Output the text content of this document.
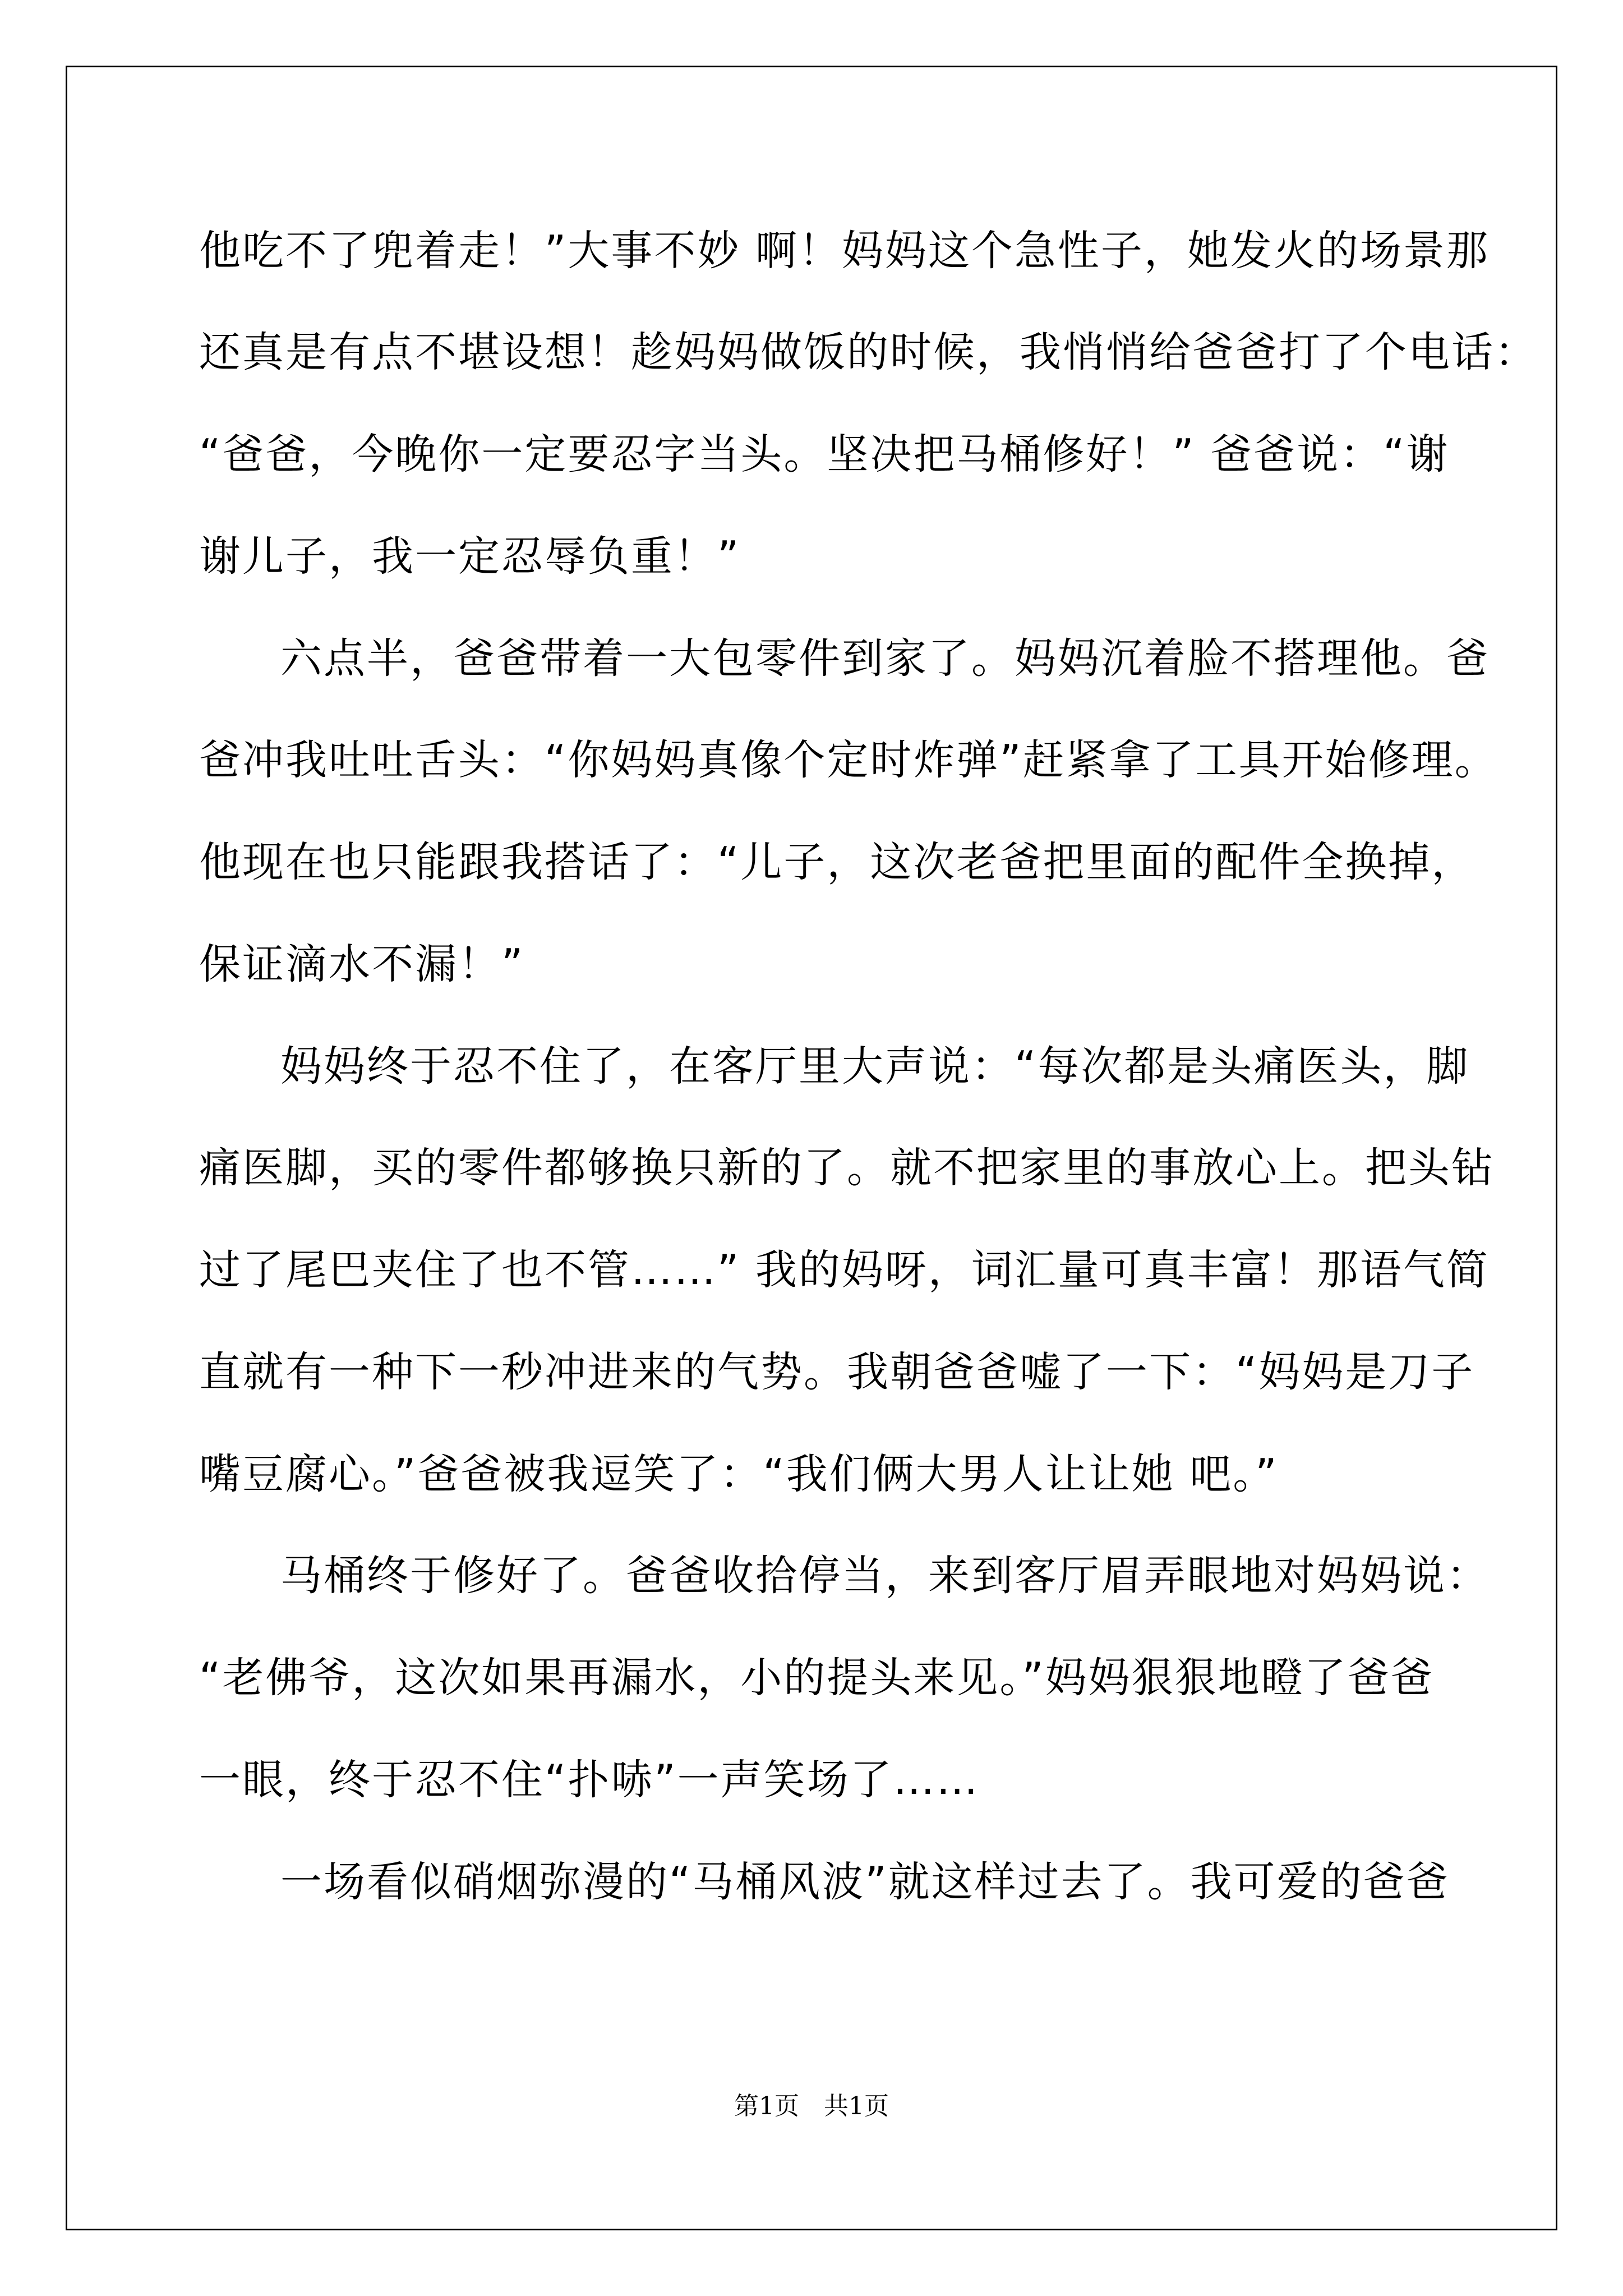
他吃不了兜着走！”大事不妙 啊！妈妈这个急性子，她发火的场景那
还真是有点不堪设想！趁妈妈做饭的时候，我悄悄给爸爸打了个电话：
“爸爸，今晚你一定要忍字当头。坚决把马桶修好！” 爸爸说：“谢
谢儿子，我一定忍辱负重！”
六点半，爸爸带着一大包零件到家了。妈妈沉着脸不搭理他。爸
爸冲我吐吐舌头：“你妈妈真像个定时炸弹”赶紧拿了工具开始修理。
他现在也只能跟我搭话了：“儿子，这次老爸把里面的配件全换掉，
保证滴水不漏！”
妈妈终于忍不住了，在客厅里大声说：“每次都是头痛医头，脚
痛医脚，买的零件都够换只新的了。就不把家里的事放心上。把头钻
过了尾巴夹住了也不管……” 我的妈呀，词汇量可真丰富！那语气简
直就有一种下一秒冲进来的气势。我朝爸爸嘘了一下：“妈妈是刀子
嘴豆腐心。”爸爸被我逗笑了：“我们俩大男人让让她 吧。”
马桶终于修好了。爸爸收拾停当，来到客厅眉弄眼地对妈妈说：
“老佛爷，这次如果再漏水，小的提头来见。”妈妈狠狠地瞪了爸爸
一眼，终于忍不住“扑哧”一声笑场了……
一场看似硝烟弥漫的“马桶风波”就这样过去了。我可爱的爸爸
第1页　共1页
